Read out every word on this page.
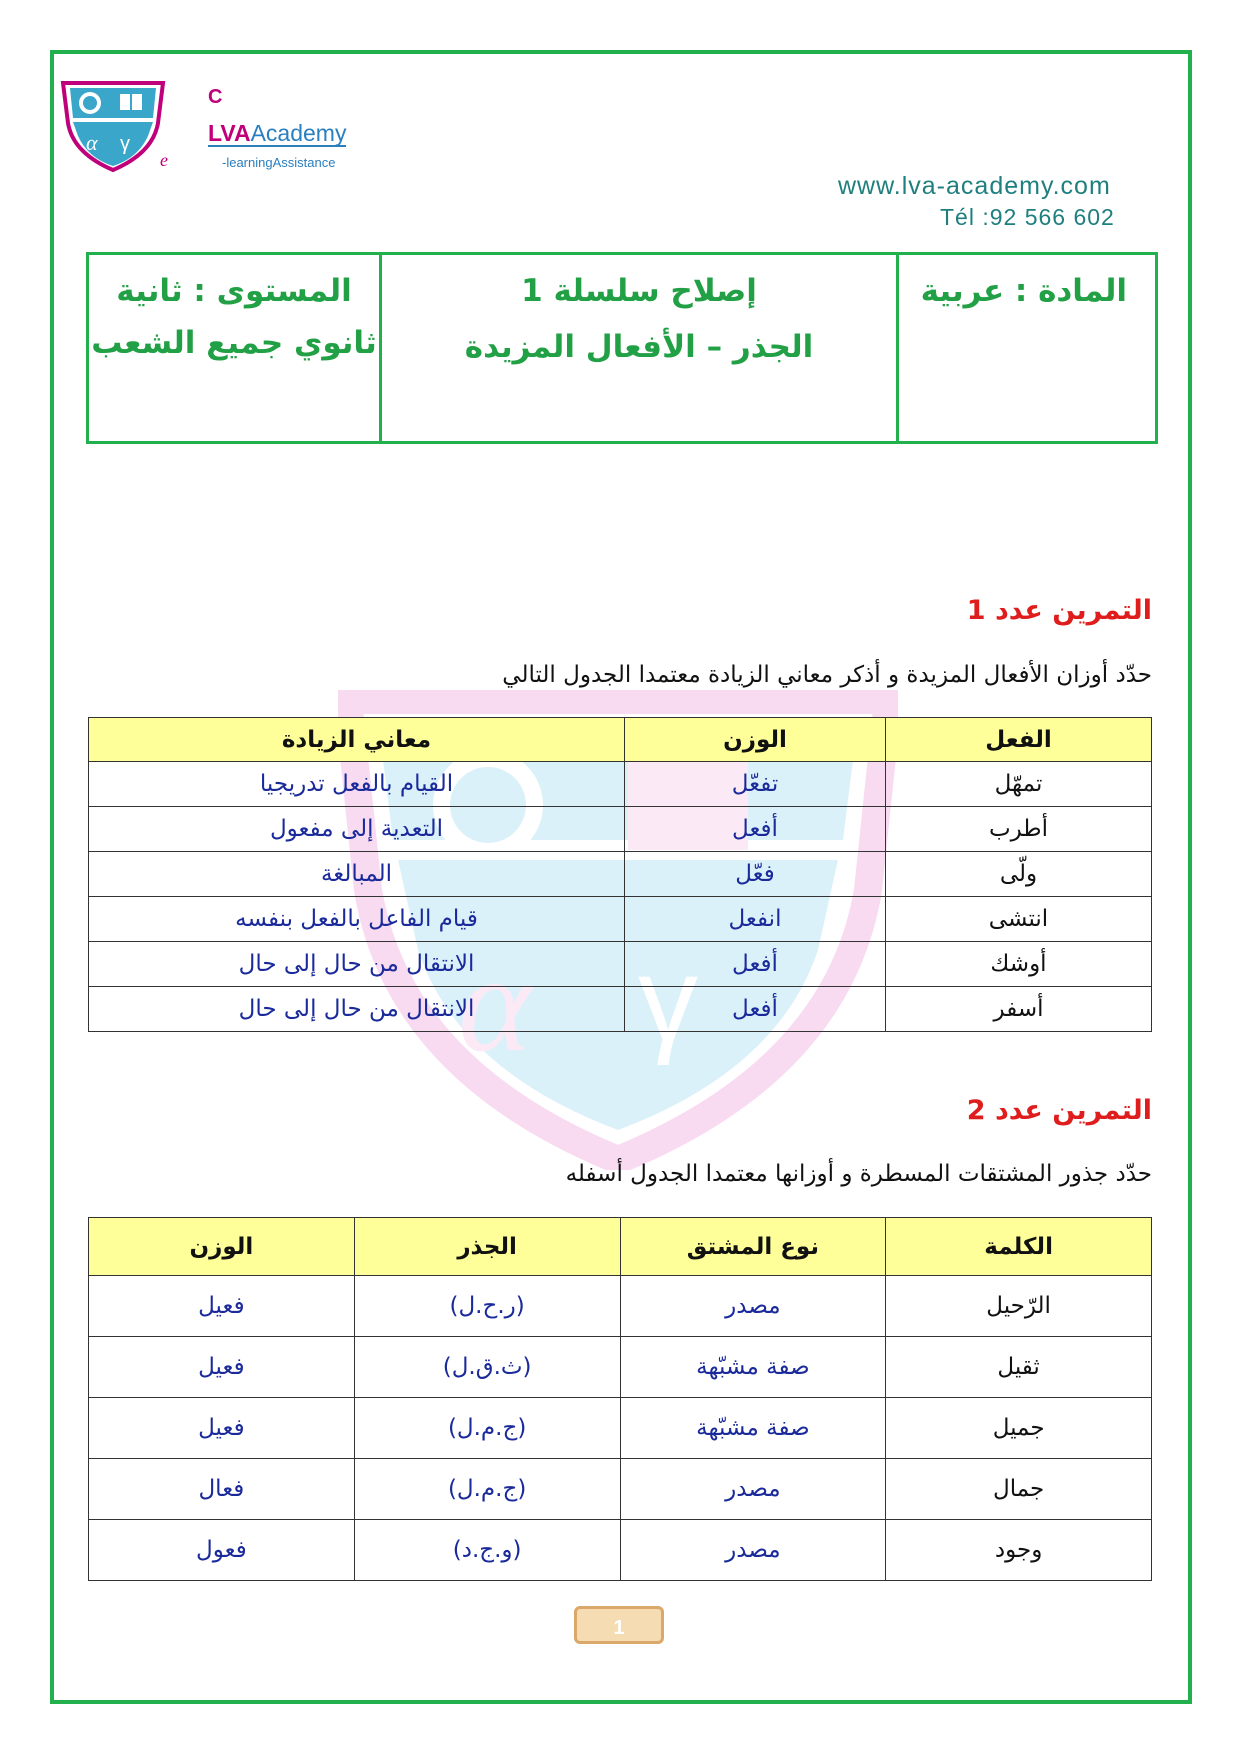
α γ
C
LVAAcademy
-learningAssistance
e
www.lva-academy.com
Tél :92 566 602
المستوى : ثانية
ثانوي جميع الشعب
إصلاح سلسلة 1
الجذر – الأفعال المزيدة
المادة : عربية
α γ
التمرين عدد 1
حدّد أوزان الأفعال المزيدة و أذكر معاني الزيادة معتمدا الجدول التالي
الفعل	الوزن	معاني الزيادة
تمهّل	تفعّل	القيام بالفعل تدريجيا
أطرب	أفعل	التعدية إلى مفعول
ولّى	فعّل	المبالغة
انتشى	انفعل	قيام الفاعل بالفعل بنفسه
أوشك	أفعل	الانتقال من حال إلى حال
أسفر	أفعل	الانتقال من حال إلى حال
التمرين عدد 2
حدّد جذور المشتقات المسطرة و أوزانها معتمدا الجدول أسفله
الكلمة	نوع المشتق	الجذر	الوزن
الرّحيل	مصدر	(ر.ح.ل)	فعيل
ثقيل	صفة مشبّهة	(ث.ق.ل)	فعيل
جميل	صفة مشبّهة	(ج.م.ل)	فعيل
جمال	مصدر	(ج.م.ل)	فعال
وجود	مصدر	(و.ج.د)	فعول
1
